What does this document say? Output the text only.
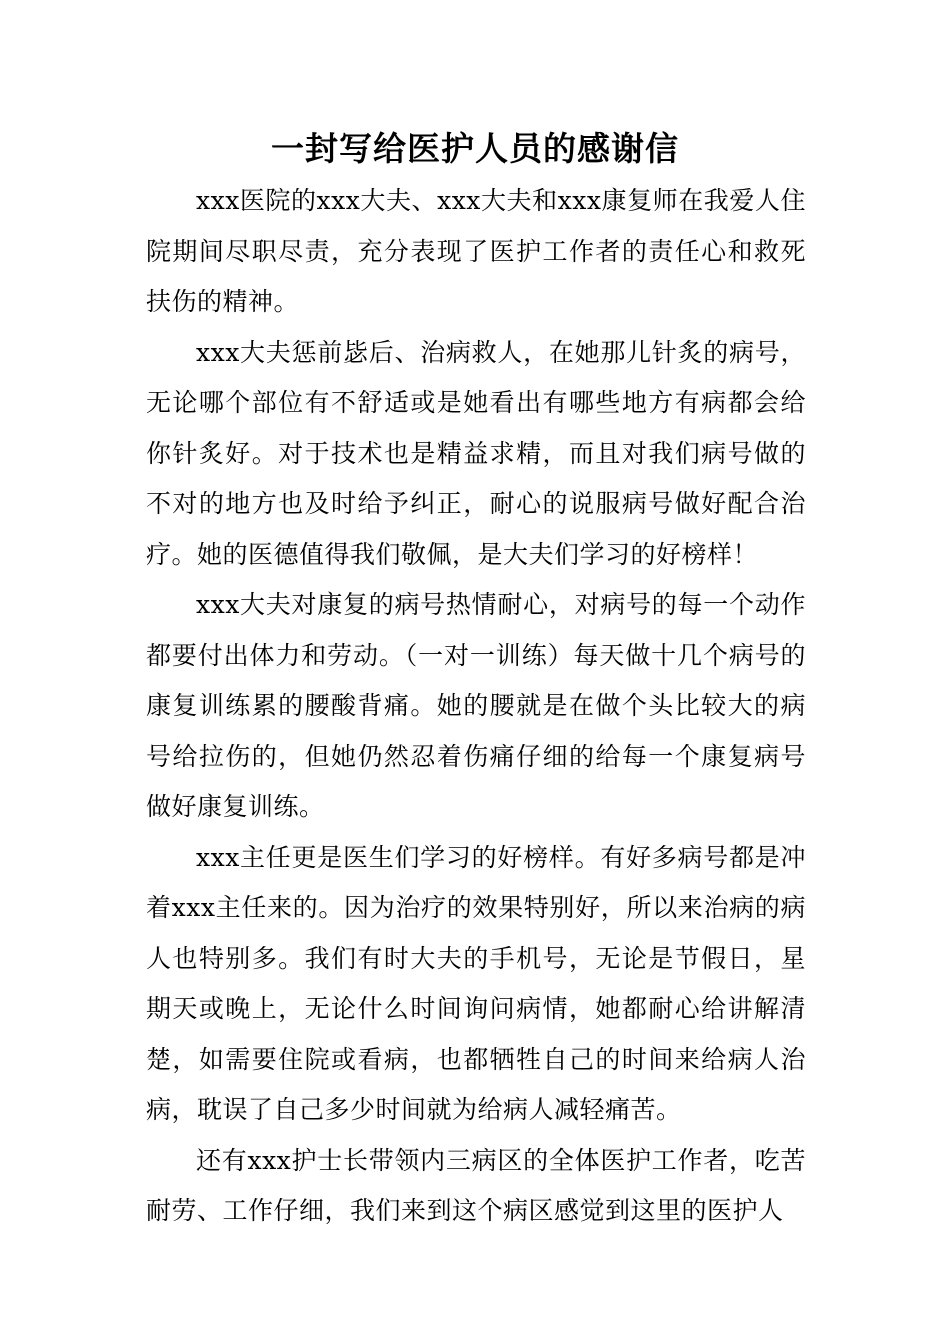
一封写给医护人员的感谢信

xxx医院的xxx大夫、xxx大夫和xxx康复师在我爱人住院期间尽职尽责，充分表现了医护工作者的责任心和救死扶伤的精神。

xxx大夫惩前毖后、治病救人，在她那儿针炙的病号，无论哪个部位有不舒适或是她看出有哪些地方有病都会给你针炙好。对于技术也是精益求精，而且对我们病号做的不对的地方也及时给予纠正，耐心的说服病号做好配合治疗。她的医德值得我们敬佩，是大夫们学习的好榜样！

xxx大夫对康复的病号热情耐心，对病号的每一个动作都要付出体力和劳动。（一对一训练）每天做十几个病号的康复训练累的腰酸背痛。她的腰就是在做个头比较大的病号给拉伤的，但她仍然忍着伤痛仔细的给每一个康复病号做好康复训练。

xxx主任更是医生们学习的好榜样。有好多病号都是冲着xxx主任来的。因为治疗的效果特别好，所以来治病的病人也特别多。我们有时大夫的手机号，无论是节假日，星期天或晚上，无论什么时间询问病情，她都耐心给讲解清楚，如需要住院或看病，也都牺牲自己的时间来给病人治病，耽误了自己多少时间就为给病人减轻痛苦。

还有xxx护士长带领内三病区的全体医护工作者，吃苦耐劳、工作仔细，我们来到这个病区感觉到这里的医护人
